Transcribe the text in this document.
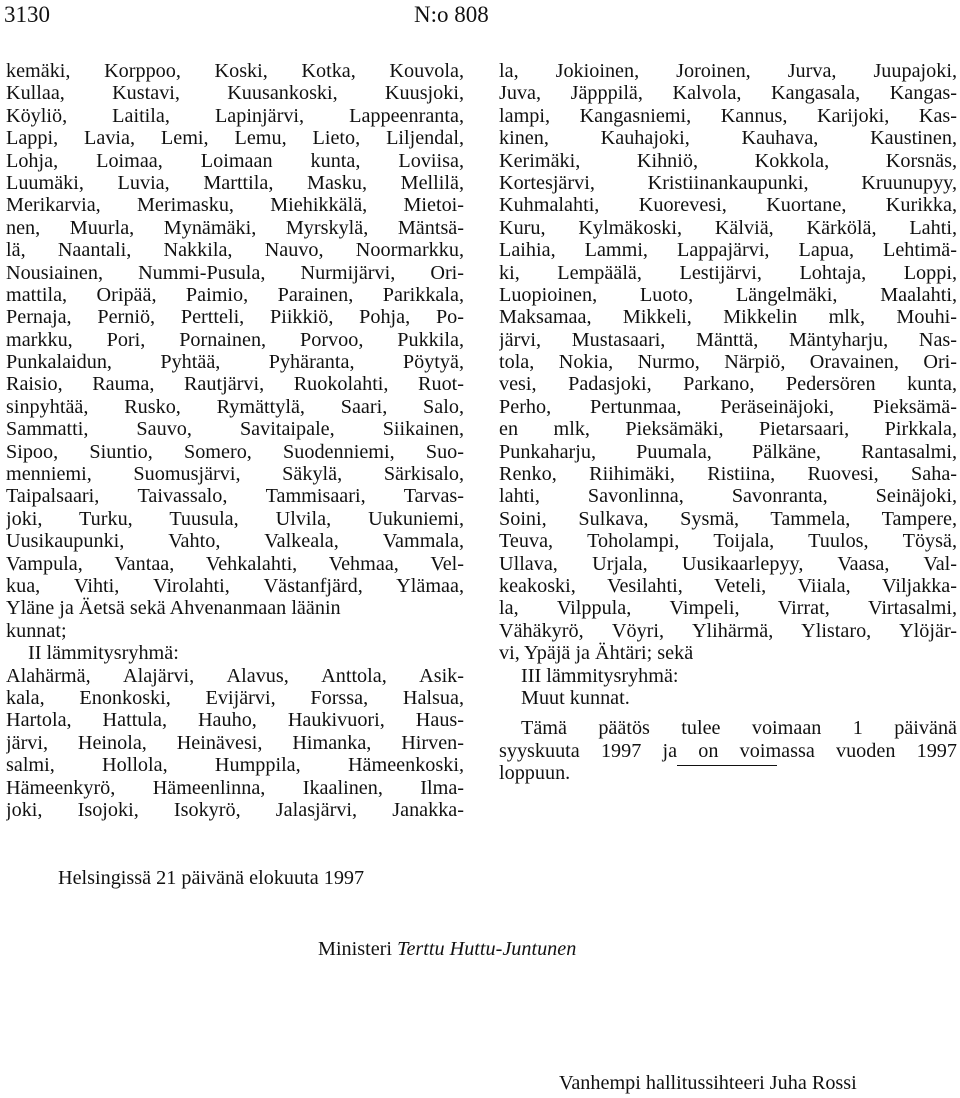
3130	N:o 808
kemäki, Korppoo, Koski, Kotka, Kouvola,
Kullaa, Kustavi, Kuusankoski, Kuusjoki,
Köyliö, Laitila, Lapinjärvi, Lappeenranta,
Lappi, Lavia, Lemi, Lemu, Lieto, Liljendal,
Lohja, Loimaa, Loimaan kunta, Loviisa,
Luumäki, Luvia, Marttila, Masku, Mellilä,
Merikarvia, Merimasku, Miehikkälä, Mietoi-
nen, Muurla, Mynämäki, Myrskylä, Mäntsä-
lä, Naantali, Nakkila, Nauvo, Noormarkku,
Nousiainen, Nummi-Pusula, Nurmijärvi, Ori-
mattila, Oripää, Paimio, Parainen, Parikkala,
Pernaja, Perniö, Pertteli, Piikkiö, Pohja, Po-
markku, Pori, Pornainen, Porvoo, Pukkila,
Punkalaidun, Pyhtää, Pyhäranta, Pöytyä,
Raisio, Rauma, Rautjärvi, Ruokolahti, Ruot-
sinpyhtää, Rusko, Rymättylä, Saari, Salo,
Sammatti, Sauvo, Savitaipale, Siikainen,
Sipoo, Siuntio, Somero, Suodenniemi, Suo-
menniemi, Suomusjärvi, Säkylä, Särkisalo,
Taipalsaari, Taivassalo, Tammisaari, Tarvas-
joki, Turku, Tuusula, Ulvila, Uukuniemi,
Uusikaupunki, Vahto, Valkeala, Vammala,
Vampula, Vantaa, Vehkalahti, Vehmaa, Vel-
kua, Vihti, Virolahti, Västanfjärd, Ylämaa,
Yläne ja Äetsä sekä Ahvenanmaan läänin
kunnat;
II lämmitysryhmä:
Alahärmä, Alajärvi, Alavus, Anttola, Asik-
kala, Enonkoski, Evijärvi, Forssa, Halsua,
Hartola, Hattula, Hauho, Haukivuori, Haus-
järvi, Heinola, Heinävesi, Himanka, Hirven-
salmi, Hollola, Humppila, Hämeenkoski,
Hämeenkyrö, Hämeenlinna, Ikaalinen, Ilma-
joki, Isojoki, Isokyrö, Jalasjärvi, Janakka-
la, Jokioinen, Joroinen, Jurva, Juupajoki,
Juva, Jäpppilä, Kalvola, Kangasala, Kangas-
lampi, Kangasniemi, Kannus, Karijoki, Kas-
kinen, Kauhajoki, Kauhava, Kaustinen,
Kerimäki, Kihniö, Kokkola, Korsnäs,
Kortesjärvi, Kristiinankaupunki, Kruunupyy,
Kuhmalahti, Kuorevesi, Kuortane, Kurikka,
Kuru, Kylmäkoski, Kälviä, Kärkölä, Lahti,
Laihia, Lammi, Lappajärvi, Lapua, Lehtimä-
ki, Lempäälä, Lestijärvi, Lohtaja, Loppi,
Luopioinen, Luoto, Längelmäki, Maalahti,
Maksamaa, Mikkeli, Mikkelin mlk, Mouhi-
järvi, Mustasaari, Mänttä, Mäntyharju, Nas-
tola, Nokia, Nurmo, Närpiö, Oravainen, Ori-
vesi, Padasjoki, Parkano, Pedersören kunta,
Perho, Pertunmaa, Peräseinäjoki, Pieksämä-
en mlk, Pieksämäki, Pietarsaari, Pirkkala,
Punkaharju, Puumala, Pälkäne, Rantasalmi,
Renko, Riihimäki, Ristiina, Ruovesi, Saha-
lahti, Savonlinna, Savonranta, Seinäjoki,
Soini, Sulkava, Sysmä, Tammela, Tampere,
Teuva, Toholampi, Toijala, Tuulos, Töysä,
Ullava, Urjala, Uusikaarlepyy, Vaasa, Val-
keakoski, Vesilahti, Veteli, Viiala, Viljakka-
la, Vilppula, Vimpeli, Virrat, Virtasalmi,
Vähäkyrö, Vöyri, Ylihärmä, Ylistaro, Ylöjär-
vi, Ypäjä ja Ähtäri; sekä
III lämmitysryhmä:
Muut kunnat.
Tämä päätös tulee voimaan 1 päivänä
syyskuuta 1997 ja on voimassa vuoden 1997
loppuun.
Helsingissä 21 päivänä elokuuta 1997
Ministeri Terttu Huttu-Juntunen
Vanhempi hallitussihteeri Juha Rossi
